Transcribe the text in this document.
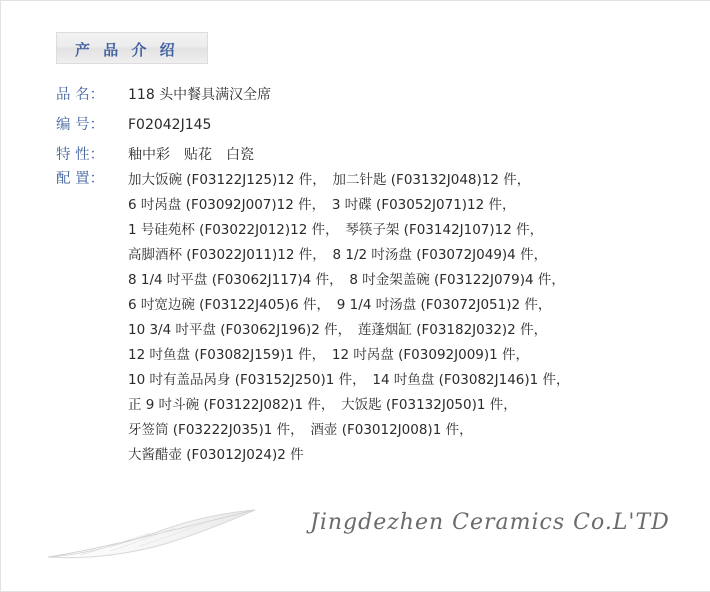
产 品 介 绍
品 名：	118 头中餐具满汉全席
编 号：	F02042J145
特 性：	釉中彩　贴花　白瓷
配 置：	加大饭碗 (F03122J125)12 件，　加二针匙 (F03132J048)12 件，
6 吋呙盘 (F03092J007)12 件，　3 吋碟 (F03052J071)12 件，
1 号硅苑杯 (F03022J012)12 件，　琴筷子架 (F03142J107)12 件，
高脚酒杯 (F03022J011)12 件，　8 1/2 吋汤盘 (F03072J049)4 件，
8 1/4 吋平盘 (F03062J117)4 件，　8 吋金架盖碗 (F03122J079)4 件，
6 吋宽边碗 (F03122J405)6 件，　9 1/4 吋汤盘 (F03072J051)2 件，
10 3/4 吋平盘 (F03062J196)2 件，　莲蓬烟缸 (F03182J032)2 件，
12 吋鱼盘 (F03082J159)1 件，　12 吋呙盘 (F03092J009)1 件，
10 吋有盖品呙身 (F03152J250)1 件，　14 吋鱼盘 (F03082J146)1 件，
正 9 吋斗碗 (F03122J082)1 件，　大饭匙 (F03132J050)1 件，
牙签筒 (F03222J035)1 件，　酒壶 (F03012J008)1 件，
大酱醋壶 (F03012J024)2 件
Jingdezhen Ceramics Co.L'TD
